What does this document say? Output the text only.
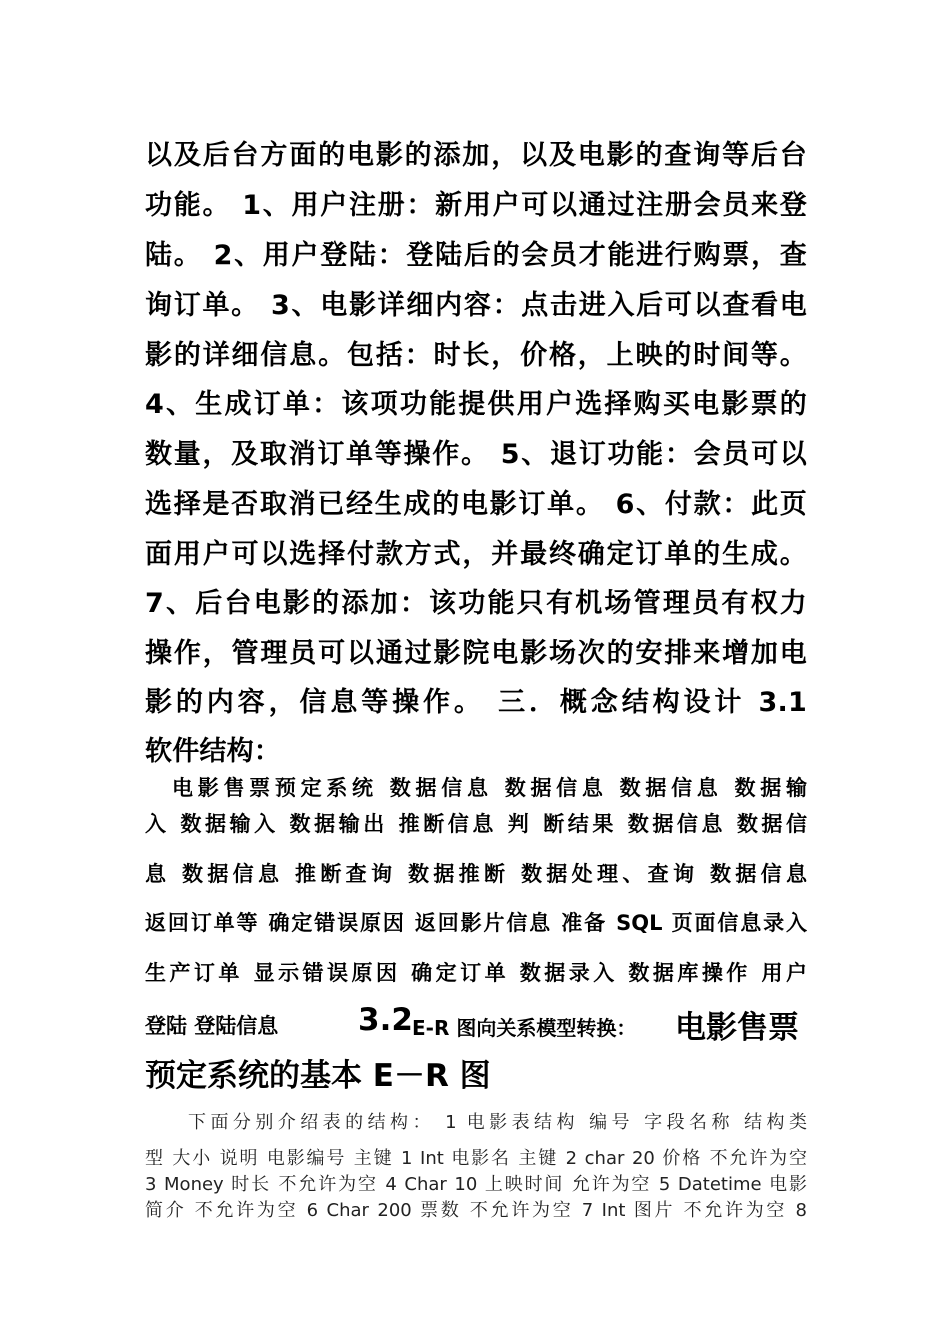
以及后台方面的电影的添加，以及电影的查询等后台
功能。 1、用户注册：新用户可以通过注册会员来登
陆。 2、用户登陆：登陆后的会员才能进行购票，查
询订单。 3、电影详细内容：点击进入后可以查看电
影的详细信息。包括：时长，价格，上映的时间等。
4、生成订单：该项功能提供用户选择购买电影票的
数量，及取消订单等操作。 5、退订功能：会员可以
选择是否取消已经生成的电影订单。 6、付款：此页
面用户可以选择付款方式，并最终确定订单的生成。
7、后台电影的添加：该功能只有机场管理员有权力
操作，管理员可以通过影院电影场次的安排来增加电
影的内容，信息等操作。 三．概念结构设计 3.1
软件结构：
电影售票预定系统 数据信息 数据信息 数据信息 数据输
入 数据输入 数据输出 推断信息 判 断结果 数据信息 数据信
息 数据信息 推断查询 数据推断 数据处理、查询 数据信息
返回订单等 确定错误原因 返回影片信息 准备 SQL 页面信息录入
生产订单 显示错误原因 确定订单 数据录入 数据库操作 用户
登陆 登陆信息	3.2 E-R 图向关系模型转换：	电影售票
预定系统的基本 E－R 图
下面分别介绍表的结构： 1 电影表结构 编号 字段名称 结构类
型 大小 说明 电影编号 主键 1 Int 电影名 主键 2 char 20 价格 不允许为空
3 Money 时长 不允许为空 4 Char 10 上映时间 允许为空 5 Datetime 电影
简介 不允许为空 6 Char 200 票数 不允许为空 7 Int 图片 不允许为空 8
